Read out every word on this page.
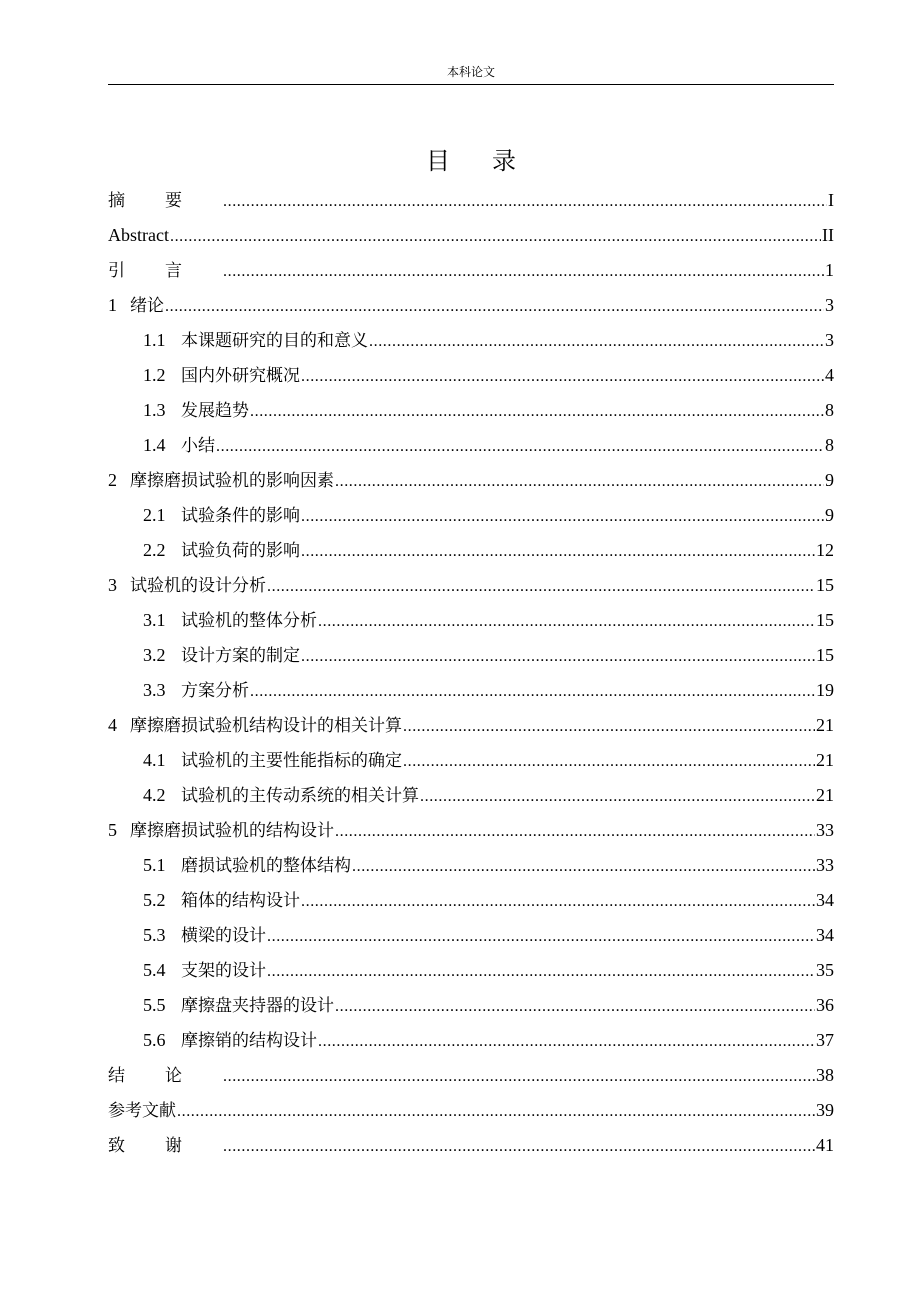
本科论文
目录
摘要 .....	I
Abstract .....	II
引言 .....	1
1 绪论 .....	3
1.1 本课题研究的目的和意义 .....	3
1.2 国内外研究概况 .....	4
1.3 发展趋势 .....	8
1.4 小结 .....	8
2 摩擦磨损试验机的影响因素 .....	9
2.1 试验条件的影响 .....	9
2.2 试验负荷的影响 .....	12
3 试验机的设计分析 .....	15
3.1 试验机的整体分析 .....	15
3.2 设计方案的制定 .....	15
3.3 方案分析 .....	19
4 摩擦磨损试验机结构设计的相关计算 .....	21
4.1 试验机的主要性能指标的确定 .....	21
4.2 试验机的主传动系统的相关计算 .....	21
5 摩擦磨损试验机的结构设计 .....	33
5.1 磨损试验机的整体结构 .....	33
5.2 箱体的结构设计 .....	34
5.3 横梁的设计 .....	34
5.4 支架的设计 .....	35
5.5 摩擦盘夹持器的设计 .....	36
5.6 摩擦销的结构设计 .....	37
结论 .....	38
参考文献 .....	39
致谢 .....	41
